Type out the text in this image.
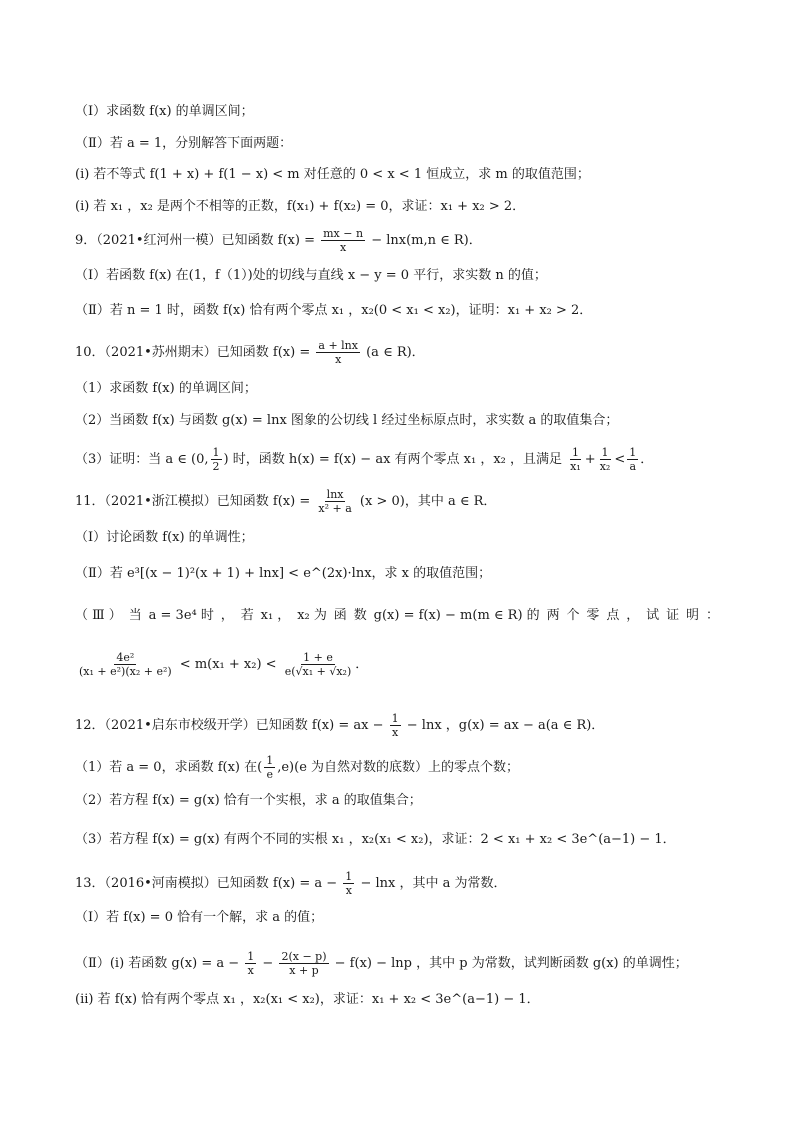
（Ⅰ）求函数 f(x) 的单调区间；
（Ⅱ）若 a = 1，分别解答下面两题：
(i) 若不等式 f(1 + x) + f(1 − x) < m 对任意的 0 < x < 1 恒成立，求 m 的取值范围；
(i) 若 x₁ ，x₂ 是两个不相等的正数，f(x₁) + f(x₂) = 0，求证：x₁ + x₂ > 2．
9．（2021•红河州一模）已知函数 $f(x) = \frac{mx - n}{x} - \ln x(m,n$ ∈ R)．
（Ⅰ）若函数 f(x) 在(1，f（1）)处的切线与直线 x − y = 0 平行，求实数 n 的值；
（Ⅱ）若 n = 1 时，函数 f(x) 恰有两个零点 x₁ ，x₂(0 < x₁ < x₂)，证明：x₁ + x₂ > 2．
10．（2021•苏州期末）已知函数 $f(x) = \frac{a + \ln x}{x} (a$ ∈ R)．
（1）求函数 f(x) 的单调区间；
（2）当函数 f(x) 与函数 g(x) = lnx 图象的公切线 l 经过坐标原点时，求实数 a 的取值集合；
（3）证明：当 a ∈ (0, $\frac{1}{2}$ ) 时，函数 h(x) = f(x) − ax 有两个零点 x₁ ，x₂ ，且满足 $\frac{1}{\text{x₁}} + \frac{1}{\text{x₂}} < \frac{1}{a}$ ．
11．（2021•浙江模拟）已知函数 $f(x) = \frac{\ln x}{\text{x² + a}} (x > 0)$，其中 a ∈ R．
（Ⅰ）讨论函数 f(x) 的单调性；
（Ⅱ）若 e³[(x − 1)²(x + 1) + lnx] < e^(2x)·lnx，求 x 的取值范围；
（ Ⅲ ） 当 a = 3e⁴ 时 ， 若 x₁ ， x₂ 为 函 数 g(x) = f(x) − m(m ∈ R) 的 两 个 零 点 ， 试 证 明 ：
$\frac{\text{4e²}}{\text{(x₁ + e²)(x₂ + e²)}} < m(x_1 + x_2) < \frac{1 + e}{\text{e(√x₁ + √x₂)}}$ ．
12．（2021•启东市校级开学）已知函数 f(x) = ax − $\frac{1}{x} - \ln x$ ，g(x) = ax − a(a ∈ R)．
（1）若 a = 0，求函数 f(x) 在( $\frac{1}{e} ,e)(e$ 为自然对数的底数）上的零点个数；
（2）若方程 f(x) = g(x) 恰有一个实根，求 a 的取值集合；
（3）若方程 f(x) = g(x) 有两个不同的实根 x₁ ，x₂(x₁ < x₂)，求证：2 < x₁ + x₂ < 3e^(a−1) − 1．
13．（2016•河南模拟）已知函数 $f(x) = a - \frac{1}{x} - \ln x$ ，其中 a 为常数．
（Ⅰ）若 f(x) = 0 恰有一个解，求 a 的值；
（Ⅱ）(i) 若函数 $g(x) = a - \frac{1}{x} - \frac{2(x - p)}{x + p} - f(x) - \ln p$ ，其中 p 为常数，试判断函数 g(x) 的单调性；
(ii) 若 f(x) 恰有两个零点 x₁ ，x₂(x₁ < x₂)，求证：x₁ + x₂ < 3e^(a−1) − 1．
